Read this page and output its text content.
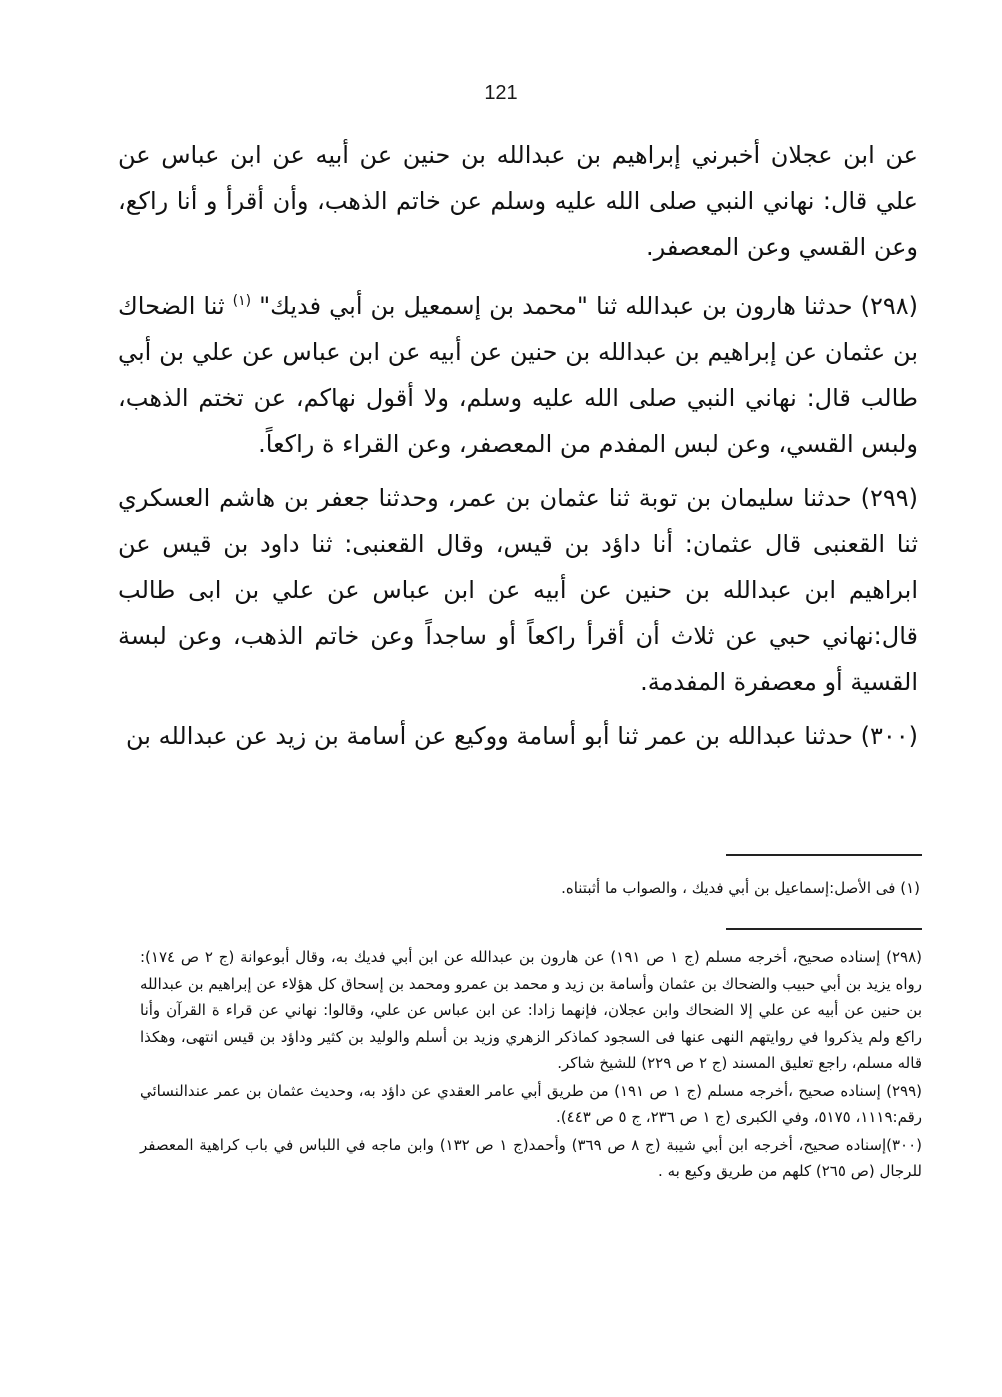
121

عن ابن عجلان أخبرني إبراهيم بن عبدالله بن حنين عن أبيه عن ابن عباس عن علي قال: نهاني النبي صلى الله عليه وسلم عن خاتم الذهب، وأن أقرأ و أنا راكع، وعن القسي وعن المعصفر.

(٢٩٨) حدثنا هارون بن عبدالله ثنا "محمد بن إسمعيل بن أبي فديك" $^{(١)}$ ثنا الضحاك بن عثمان عن إبراهيم بن عبدالله بن حنين عن أبيه عن ابن عباس عن علي بن أبي طالب قال: نهاني النبي صلى الله عليه وسلم، ولا أقول نهاكم، عن تختم الذهب، ولبس القسي، وعن لبس المفدم من المعصفر، وعن القراء ة راكعاً.

(٢٩٩) حدثنا سليمان بن توبة ثنا عثمان بن عمر، وحدثنا جعفر بن هاشم العسكري ثنا القعنبى قال عثمان: أنا داؤد بن قيس، وقال القعنبى: ثنا داود بن قيس عن ابراهيم ابن عبدالله بن حنين عن أبيه عن ابن عباس عن علي بن ابى طالب قال:نهاني حبي عن ثلاث أن أقرأ راكعاً أو ساجداً وعن خاتم الذهب، وعن لبسة القسية أو معصفرة المفدمة.

(٣٠٠) حدثنا عبدالله بن عمر ثنا أبو أسامة ووكيع عن أسامة بن زيد عن عبدالله بن

(١) فى الأصل:إسماعيل بن أبي فديك ، والصواب ما أثبتناه.

(٢٩٨) إسناده صحيح، أخرجه مسلم (ج ١ ص ١٩١) عن هارون بن عبدالله عن ابن أبي فديك به، وقال أبوعوانة (ج ٢ ص ١٧٤): رواه يزيد بن أبي حبيب والضحاك بن عثمان وأسامة بن زيد و محمد بن عمرو ومحمد بن إسحاق كل هؤلاء عن إبراهيم بن عبدالله بن حنين عن أبيه عن علي إلا الضحاك وابن عجلان، فإنهما زادا: عن ابن عباس عن علي، وقالوا: نهاني عن قراء ة القرآن وأنا راكع ولم يذكروا في روايتهم النهى عنها فى السجود كماذكر الزهري وزيد بن أسلم والوليد بن كثير وداؤد بن قيس انتهى، وهكذا قاله مسلم، راجع تعليق المسند (ج ٢ ص ٢٢٩) للشيخ شاكر.

(٢٩٩) إسناده صحيح ،أخرجه مسلم (ج ١ ص ١٩١) من طريق أبي عامر العقدي عن داؤد به، وحديث عثمان بن عمر عندالنسائي رقم:١١١٩، ٥١٧٥، وفي الكبرى (ج ١ ص ٢٣٦، ج ٥ ص ٤٤٣).

(٣٠٠)إسناده صحيح، أخرجه ابن أبي شيبة (ج ٨ ص ٣٦٩) وأحمد(ج ١ ص ١٣٢) وابن ماجه في اللباس في باب كراهية المعصفر للرجال (ص ٢٦٥) كلهم من طريق وكيع به .
